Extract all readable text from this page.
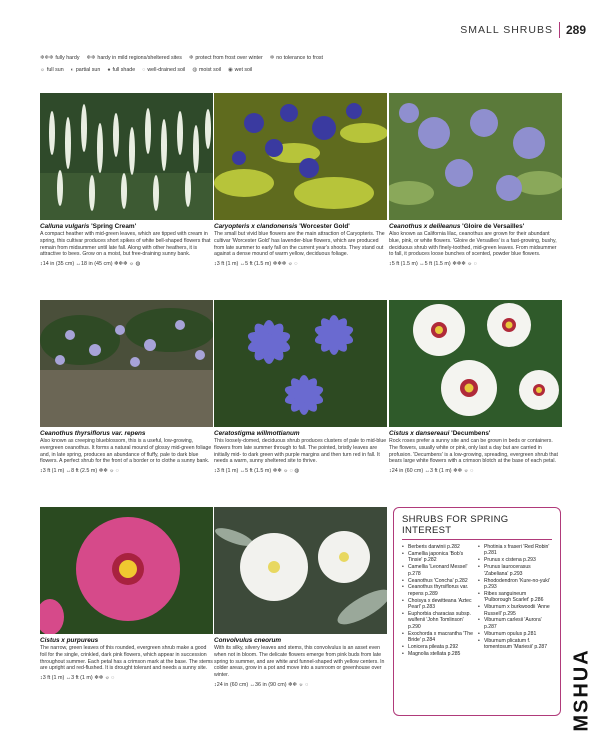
SMALL SHRUBS 289
❄❄❄ fully hardy ❄❄ hardy in mild regions/sheltered sites ❄ protect from frost over winter ✲ no tolerance to frost
☼ full sun ◐ partial sun ● full shade ◌ well-drained soil ◍ moist soil ◉ wet soil
Calluna vulgaris 'Spring Cream'
A compact heather with mid-green leaves, which are tipped with cream in spring, this cultivar produces short spikes of white bell-shaped flowers that remain from midsummer until late fall. Along with other heathers, it is attractive to bees. Grow on a moist, but free-draining sunny bank.
↕14 in (35 cm) ↔18 in (45 cm) ❄❄❄ ☼ ◍
Caryopteris x clandonensis 'Worcester Gold'
The small but vivid blue flowers are the main attraction of Caryopteris. The cultivar 'Worcester Gold' has lavender-blue flowers, which are produced from late summer to early fall on the current year's shoots. They stand out against a dense mound of warm yellow, deciduous foliage.
↕3 ft (1 m) ↔5 ft (1.5 m) ❄❄❄ ☼ ◌
Ceanothus x delileanus 'Gloire de Versailles'
Also known as California lilac, ceanothus are grown for their abundant blue, pink, or white flowers. 'Gloire de Versailles' is a fast-growing, bushy, deciduous shrub with finely-toothed, mid-green leaves. From midsummer to fall, it produces loose bunches of scented, powder blue flowers.
↕5 ft (1.5 m) ↔5 ft (1.5 m) ❄❄❄ ☼ ◌
Ceanothus thyrsiflorus var. repens
Also known as creeping blueblossom, this is a useful, low-growing, evergreen ceanothus. It forms a natural mound of glossy mid-green foliage and, in late spring, produces an abundance of fluffy, pale to dark blue flowers. A perfect shrub for the front of a border or to clothe a sunny bank.
↕3 ft (1 m) ↔8 ft (2.5 m) ❄❄ ☼ ◌
Ceratostigma willmottianum
This loosely-domed, deciduous shrub produces clusters of pale to mid-blue flowers from late summer through to fall. The pointed, bristly leaves are initially mid- to dark green with purple margins and then turn red in fall. It needs a warm, sunny sheltered site to thrive.
↕3 ft (1 m) ↔5 ft (1.5 m) ❄❄ ☼ ◌ ◍
Cistus x dansereaui 'Decumbens'
Rock roses prefer a sunny site and can be grown in beds or containers. The flowers, usually white or pink, only last a day but are carried in profusion. 'Decumbens' is a low-growing, spreading, evergreen shrub that bears large white flowers with a crimson blotch at the base of each petal.
↕24 in (60 cm) ↔3 ft (1 m) ❄❄ ☼ ◌
Cistus x purpureus
The narrow, green leaves of this rounded, evergreen shrub make a good foil for the single, crinkled, dark pink flowers, which appear in succession throughout summer. Each petal has a crimson mark at the base. The stems are upright and red-flushed. It is drought tolerant and needs a sunny site.
↕3 ft (1 m) ↔3 ft (1 m) ❄❄ ☼ ◌
Convolvulus cneorum
With its silky, silvery leaves and stems, this convolvulus is an asset even when not in bloom. The delicate flowers emerge from pink buds from late spring to summer, and are white and funnel-shaped with yellow centers. In colder areas, grow in a pot and move into a sunroom or greenhouse over winter.
↕24 in (60 cm) ↔36 in (90 cm) ❄❄ ☼ ◌
SHRUBS FOR SPRING INTEREST
• Berberis darwinii p.282
• Camellia japonica 'Bob's Tinsie' p.282
• Camellia 'Leonard Messel' p.278
• Ceanothus 'Concha' p.282
• Ceanothus thyrsiflorus var. repens p.289
• Choisya x dewitteana 'Aztec Pearl' p.283
• Euphorbia characias subsp. wulfenii 'John Tomlinson' p.290
• Exochorda x macrantha 'The Bride' p.284
• Lonicera pileata p.292
• Magnolia stellata p.285
• Photinia x fraseri 'Red Robin' p.281
• Prunus x cistena p.293
• Prunus laurocerasus 'Zabeliana' p.293
• Rhododendron 'Kure-no-yuki' p.293
• Ribes sanguineum 'Pulborough Scarlet' p.286
• Viburnum x burkwoodii 'Anne Russell' p.295
• Viburnum carlesii 'Aurora' p.287
• Viburnum opulus p.281
• Viburnum plicatum f. tomentosum 'Mariesii' p.287
MSHUA
